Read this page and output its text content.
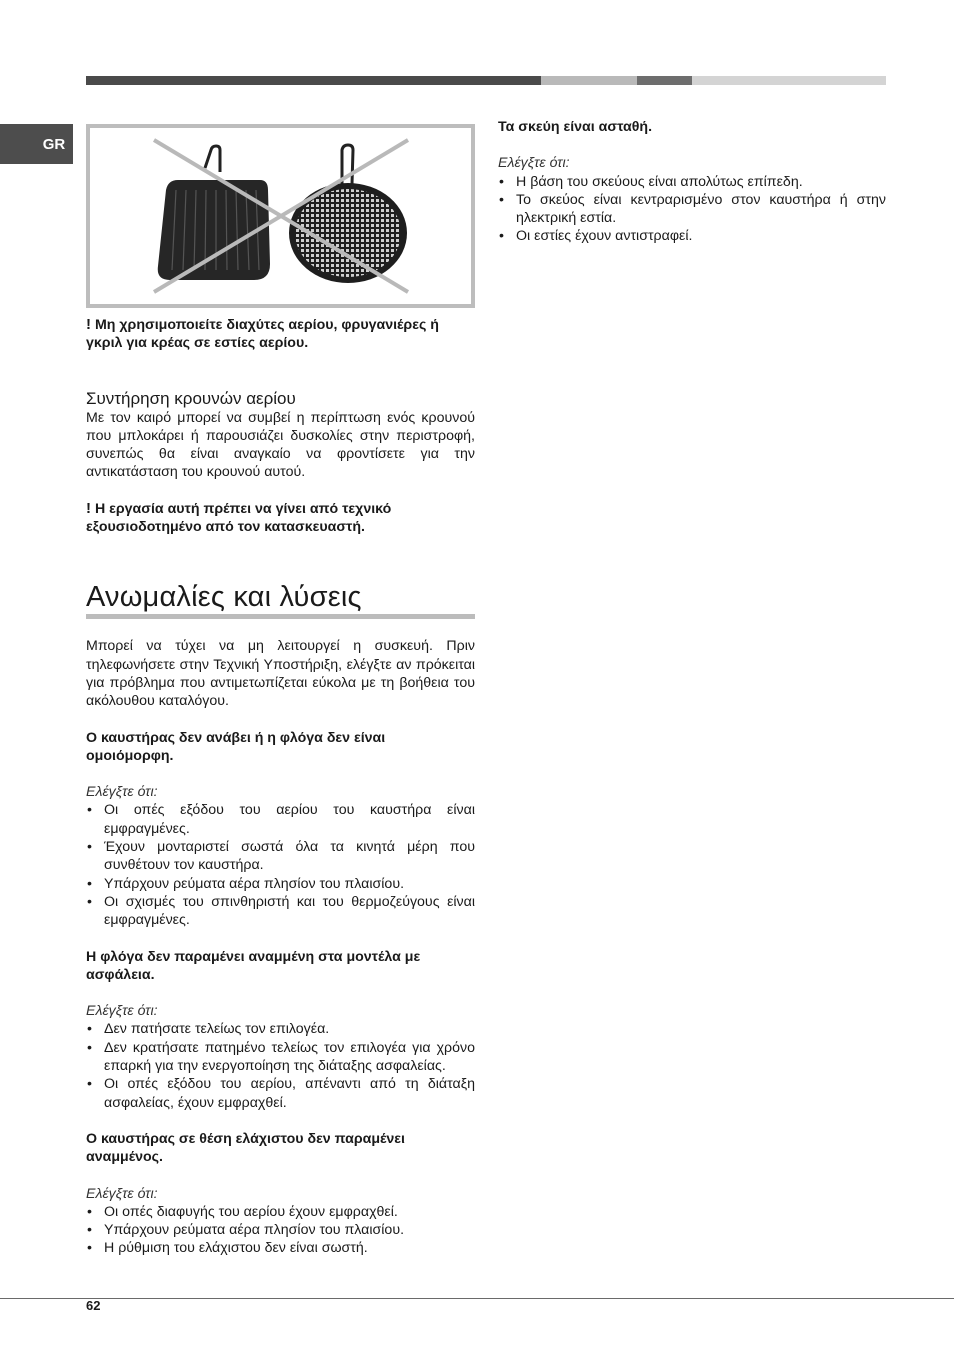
GR

! Μη χρησιμοποιείτε διαχύτες αερίου, φρυγανιέρες ή γκριλ για κρέας σε εστίες αερίου.

Συντήρηση κρουνών αερίου

Με τον καιρό μπορεί να συμβεί η περίπτωση ενός κρουνού που μπλοκάρει ή παρουσιάζει δυσκολίες στην περιστροφή, συνεπώς θα είναι αναγκαίο να φροντίσετε για την αντικατάσταση του κρουνού αυτού.

! Η εργασία αυτή πρέπει να γίνει από τεχνικό εξουσιοδοτημένο από τον κατασκευαστή.

Ανωμαλίες και λύσεις

Μπορεί να τύχει να μη λειτουργεί η συσκευή. Πριν τηλεφωνήσετε στην Τεχνική Υποστήριξη, ελέγξτε αν πρόκειται για πρόβλημα που αντιμετωπίζεται εύκολα με τη βοήθεια του ακόλουθου καταλόγου.

Ο καυστήρας δεν ανάβει ή η φλόγα δεν είναι ομοιόμορφη.

Ελέγξτε ότι:

• Οι οπές εξόδου του αερίου του καυστήρα είναι εμφραγμένες.
• Έχουν μονταριστεί σωστά όλα τα κινητά μέρη που συνθέτουν τον καυστήρα.
• Υπάρχουν ρεύματα αέρα πλησίον του πλαισίου.
• Οι σχισμές του σπινθηριστή και του θερμοζεύγους είναι εμφραγμένες.

Η φλόγα δεν παραμένει αναμμένη στα μοντέλα με ασφάλεια.

Ελέγξτε ότι:

• Δεν πατήσατε τελείως τον επιλογέα.
• Δεν κρατήσατε πατημένο τελείως τον επιλογέα για χρόνο επαρκή για την ενεργοποίηση της διάταξης ασφαλείας.
• Οι οπές εξόδου του αερίου, απέναντι από τη διάταξη ασφαλείας, έχουν εμφραχθεί.

Ο καυστήρας σε θέση ελάχιστου δεν παραμένει αναμμένος.

Ελέγξτε ότι:

• Οι οπές διαφυγής του αερίου έχουν εμφραχθεί.
• Υπάρχουν ρεύματα αέρα πλησίον του πλαισίου.
• Η ρύθμιση του ελάχιστου δεν είναι σωστή.

Τα σκεύη είναι ασταθή.

Ελέγξτε ότι:

• Η βάση του σκεύους είναι απολύτως επίπεδη.
• Το σκεύος είναι κεντραρισμένο στον καυστήρα ή στην ηλεκτρική εστία.
• Οι εστίες έχουν αντιστραφεί.
62
